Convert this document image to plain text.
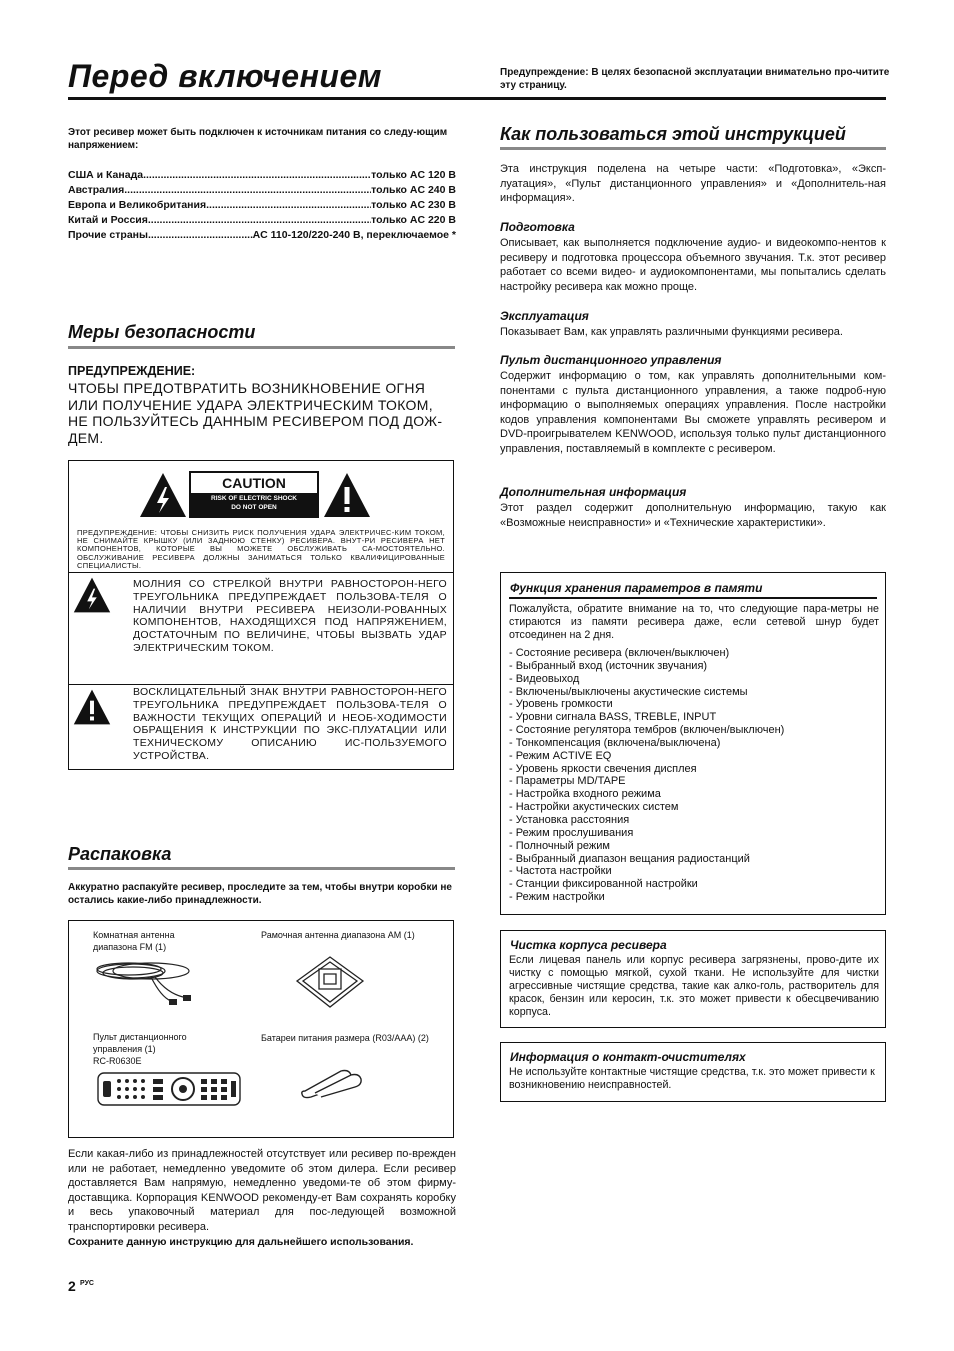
Перед включением	Предупреждение: В целях безопасной эксплуатации внимательно про-читите эту страницу.
Этот ресивер может быть подключен к источникам питания со следу-ющим напряжением:
США и Канада .....	только AC 120 В
Австралия .....	только AC 240 В
Европа и Великобритания .....	только AC 230 В
Китай и Россия .....	только AC 220 В
Прочие страны .....	AC 110-120/220-240 В, переключаемое *
Меры безопасности
ПРЕДУПРЕЖДЕНИЕ:
ЧТОБЫ ПРЕДОТВРАТИТЬ ВОЗНИКНОВЕНИЕ ОГНЯ ИЛИ ПОЛУЧЕНИЕ УДАРА ЭЛЕКТРИЧЕСКИМ ТОКОМ, НЕ ПОЛЬЗУЙТЕСЬ ДАННЫМ РЕСИВЕРОМ ПОД ДОЖ-ДЕМ.
CAUTION
RISK OF ELECTRIC SHOCK
DO NOT OPEN
ПРЕДУПРЕЖДЕНИЕ: ЧТОБЫ СНИЗИТЬ РИСК ПОЛУЧЕНИЯ УДАРА ЭЛЕКТРИЧЕС-КИМ ТОКОМ, НЕ СНИМАЙТЕ КРЫШКУ (ИЛИ ЗАДНЮЮ СТЕНКУ) РЕСИВЕРА. ВНУТ-РИ РЕСИВЕРА НЕТ КОМПОНЕНТОВ, КОТОРЫЕ ВЫ МОЖЕТЕ ОБСЛУЖИВАТЬ СА-МОСТОЯТЕЛЬНО. ОБСЛУЖИВАНИЕ РЕСИВЕРА ДОЛЖНЫ ЗАНИМАТЬСЯ ТОЛЬКО КВАЛИФИЦИРОВАННЫЕ СПЕЦИАЛИСТЫ.
МОЛНИЯ СО СТРЕЛКОЙ ВНУТРИ РАВНОСТОРОН-НЕГО ТРЕУГОЛЬНИКА ПРЕДУПРЕЖДАЕТ ПОЛЬЗОВА-ТЕЛЯ О НАЛИЧИИ ВНУТРИ РЕСИВЕРА НЕИЗОЛИ-РОВАННЫХ КОМПОНЕНТОВ, НАХОДЯЩИХСЯ ПОД НАПРЯЖЕНИЕМ, ДОСТАТОЧНЫМ ПО ВЕЛИЧИНЕ, ЧТОБЫ ВЫЗВАТЬ УДАР ЭЛЕКТРИЧЕСКИМ ТОКОМ.
ВОСКЛИЦАТЕЛЬНЫЙ ЗНАК ВНУТРИ РАВНОСТОРОН-НЕГО ТРЕУГОЛЬНИКА ПРЕДУПРЕЖДАЕТ ПОЛЬЗОВА-ТЕЛЯ О ВАЖНОСТИ ТЕКУЩИХ ОПЕРАЦИЙ И НЕОБ-ХОДИМОСТИ ОБРАЩЕНИЯ К ИНСТРУКЦИИ ПО ЭКС-ПЛУАТАЦИИ ИЛИ ТЕХНИЧЕСКОМУ ОПИСАНИЮ ИС-ПОЛЬЗУЕМОГО УСТРОЙСТВА.
Распаковка
Аккуратно распакуйте ресивер, проследите за тем, чтобы внутри коробки не остались какие-либо принадлежности.
Комнатная антенна диапазона FM (1)
Рамочная антенна диапазона AM (1)
Пульт дистанционного управления (1)
RC-R0630E
Батареи питания размера (R03/AAA) (2)
Если какая-либо из принадлежностей отсутствует или ресивер по-врежден или не работает, немедленно уведомите об этом дилера. Если ресивер доставляется Вам напрямую, немедленно уведоми-те об этом фирму-доставщика. Корпорация KENWOOD рекоменду-ет Вам сохранять коробку и весь упаковочный материал для пос-ледующей возможной транспортировки ресивера.
Сохраните данную инструкцию для дальнейшего использования.
2 РУС
Как пользоваться этой инструкцией
Эта инструкция поделена на четыре части: «Подготовка», «Эксп-луатация», «Пульт дистанционного управления» и «Дополнитель-ная информация».
Подготовка
Описывает, как выполняется подключение аудио- и видеокомпо-нентов к ресиверу и подготовка процессора объемного звучания. Т.к. этот ресивер работает со всеми видео- и аудиокомпонентами, мы попытались сделать настройку ресивера как можно проще.
Эксплуатация
Показывает Вам, как управлять различными функциями ресивера.
Пульт дистанционного управления
Содержит информацию о том, как управлять дополнительными ком-понентами с пульта дистанционного управления, а также подроб-ную информацию о выполняемых операциях управления. После настройки кодов управления компонентами Вы сможете управлять ресивером и DVD-проигрывателем KENWOOD, используя только пульт дистанционного управления, поставляемый в комплекте с ресивером.
Дополнительная информация
Этот раздел содержит дополнительную информацию, такую как «Возможные неисправности» и «Технические характеристики».
Функция хранения параметров в памяти
Пожалуйста, обратите внимание на то, что следующие пара-метры не стираются из памяти ресивера даже, если сетевой шнур будет отсоединен на 2 дня.
- Состояние ресивера (включен/выключен)
- Выбранный вход (источник звучания)
- Видеовыход
- Включены/выключены акустические системы
- Уровень громкости
- Уровни сигнала BASS, TREBLE, INPUT
- Состояние регулятора тембров (включен/выключен)
- Тонкомпенсация (включена/выключена)
- Режим ACTIVE EQ
- Уровень яркости свечения дисплея
- Параметры MD/TAPE
- Настройка входного режима
- Настройки акустических систем
- Установка расстояния
- Режим прослушивания
- Полночный режим
- Выбранный диапазон вещания радиостанций
- Частота настройки
- Станции фиксированной настройки
- Режим настройки
Чистка корпуса ресивера
Если лицевая панель или корпус ресивера загрязнены, прово-дите их чистку с помощью мягкой, сухой ткани. Не используйте для чистки агрессивные чистящие средства, такие как алко-голь, растворитель для красок, бензин или керосин, т.к. это может привести к обесцвечиванию корпуса.
Информация о контакт-очистителях
Не используйте контактные чистящие средства, т.к. это может привести к возникновению неисправностей.
